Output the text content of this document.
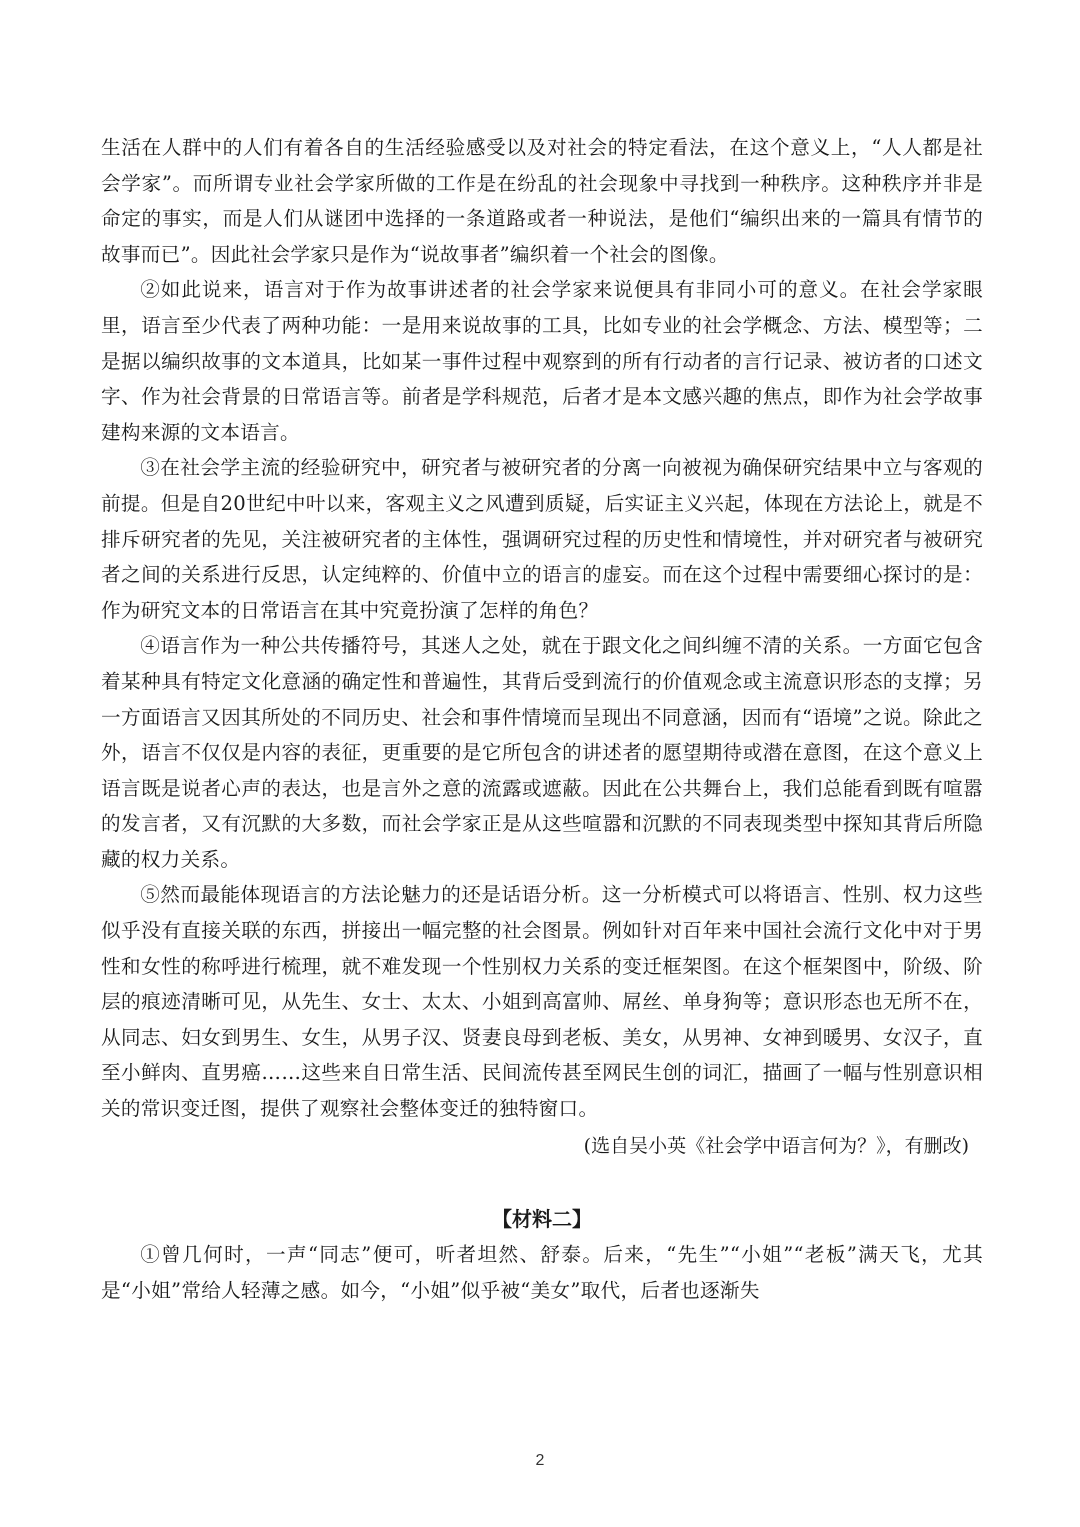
生活在人群中的人们有着各自的生活经验感受以及对社会的特定看法，在这个意义上，“人人都是社会学家”。而所谓专业社会学家所做的工作是在纷乱的社会现象中寻找到一种秩序。这种秩序并非是命定的事实，而是人们从谜团中选择的一条道路或者一种说法，是他们“编织出来的一篇具有情节的故事而已”。因此社会学家只是作为“说故事者”编织着一个社会的图像。

②如此说来，语言对于作为故事讲述者的社会学家来说便具有非同小可的意义。在社会学家眼里，语言至少代表了两种功能：一是用来说故事的工具，比如专业的社会学概念、方法、模型等；二是据以编织故事的文本道具，比如某一事件过程中观察到的所有行动者的言行记录、被访者的口述文字、作为社会背景的日常语言等。前者是学科规范，后者才是本文感兴趣的焦点，即作为社会学故事建构来源的文本语言。

③在社会学主流的经验研究中，研究者与被研究者的分离一向被视为确保研究结果中立与客观的前提。但是自20世纪中叶以来，客观主义之风遭到质疑，后实证主义兴起，体现在方法论上，就是不排斥研究者的先见，关注被研究者的主体性，强调研究过程的历史性和情境性，并对研究者与被研究者之间的关系进行反思，认定纯粹的、价值中立的语言的虚妄。而在这个过程中需要细心探讨的是：作为研究文本的日常语言在其中究竟扮演了怎样的角色？

④语言作为一种公共传播符号，其迷人之处，就在于跟文化之间纠缠不清的关系。一方面它包含着某种具有特定文化意涵的确定性和普遍性，其背后受到流行的价值观念或主流意识形态的支撑；另一方面语言又因其所处的不同历史、社会和事件情境而呈现出不同意涵，因而有“语境”之说。除此之外，语言不仅仅是内容的表征，更重要的是它所包含的讲述者的愿望期待或潜在意图，在这个意义上语言既是说者心声的表达，也是言外之意的流露或遮蔽。因此在公共舞台上，我们总能看到既有喧嚣的发言者，又有沉默的大多数，而社会学家正是从这些喧嚣和沉默的不同表现类型中探知其背后所隐藏的权力关系。

⑤然而最能体现语言的方法论魅力的还是话语分析。这一分析模式可以将语言、性别、权力这些似乎没有直接关联的东西，拼接出一幅完整的社会图景。例如针对百年来中国社会流行文化中对于男性和女性的称呼进行梳理，就不难发现一个性别权力关系的变迁框架图。在这个框架图中，阶级、阶层的痕迹清晰可见，从先生、女士、太太、小姐到高富帅、屌丝、单身狗等；意识形态也无所不在，从同志、妇女到男生、女生，从男子汉、贤妻良母到老板、美女，从男神、女神到暖男、女汉子，直至小鲜肉、直男癌……这些来自日常生活、民间流传甚至网民生创的词汇，描画了一幅与性别意识相关的常识变迁图，提供了观察社会整体变迁的独特窗口。

(选自吴小英《社会学中语言何为？》，有删改)

【材料二】

①曾几何时，一声“同志”便可，听者坦然、舒泰。后来，“先生”“小姐”“老板”满天飞，尤其是“小姐”常给人轻薄之感。如今，“小姐”似乎被“美女”取代，后者也逐渐失

2
